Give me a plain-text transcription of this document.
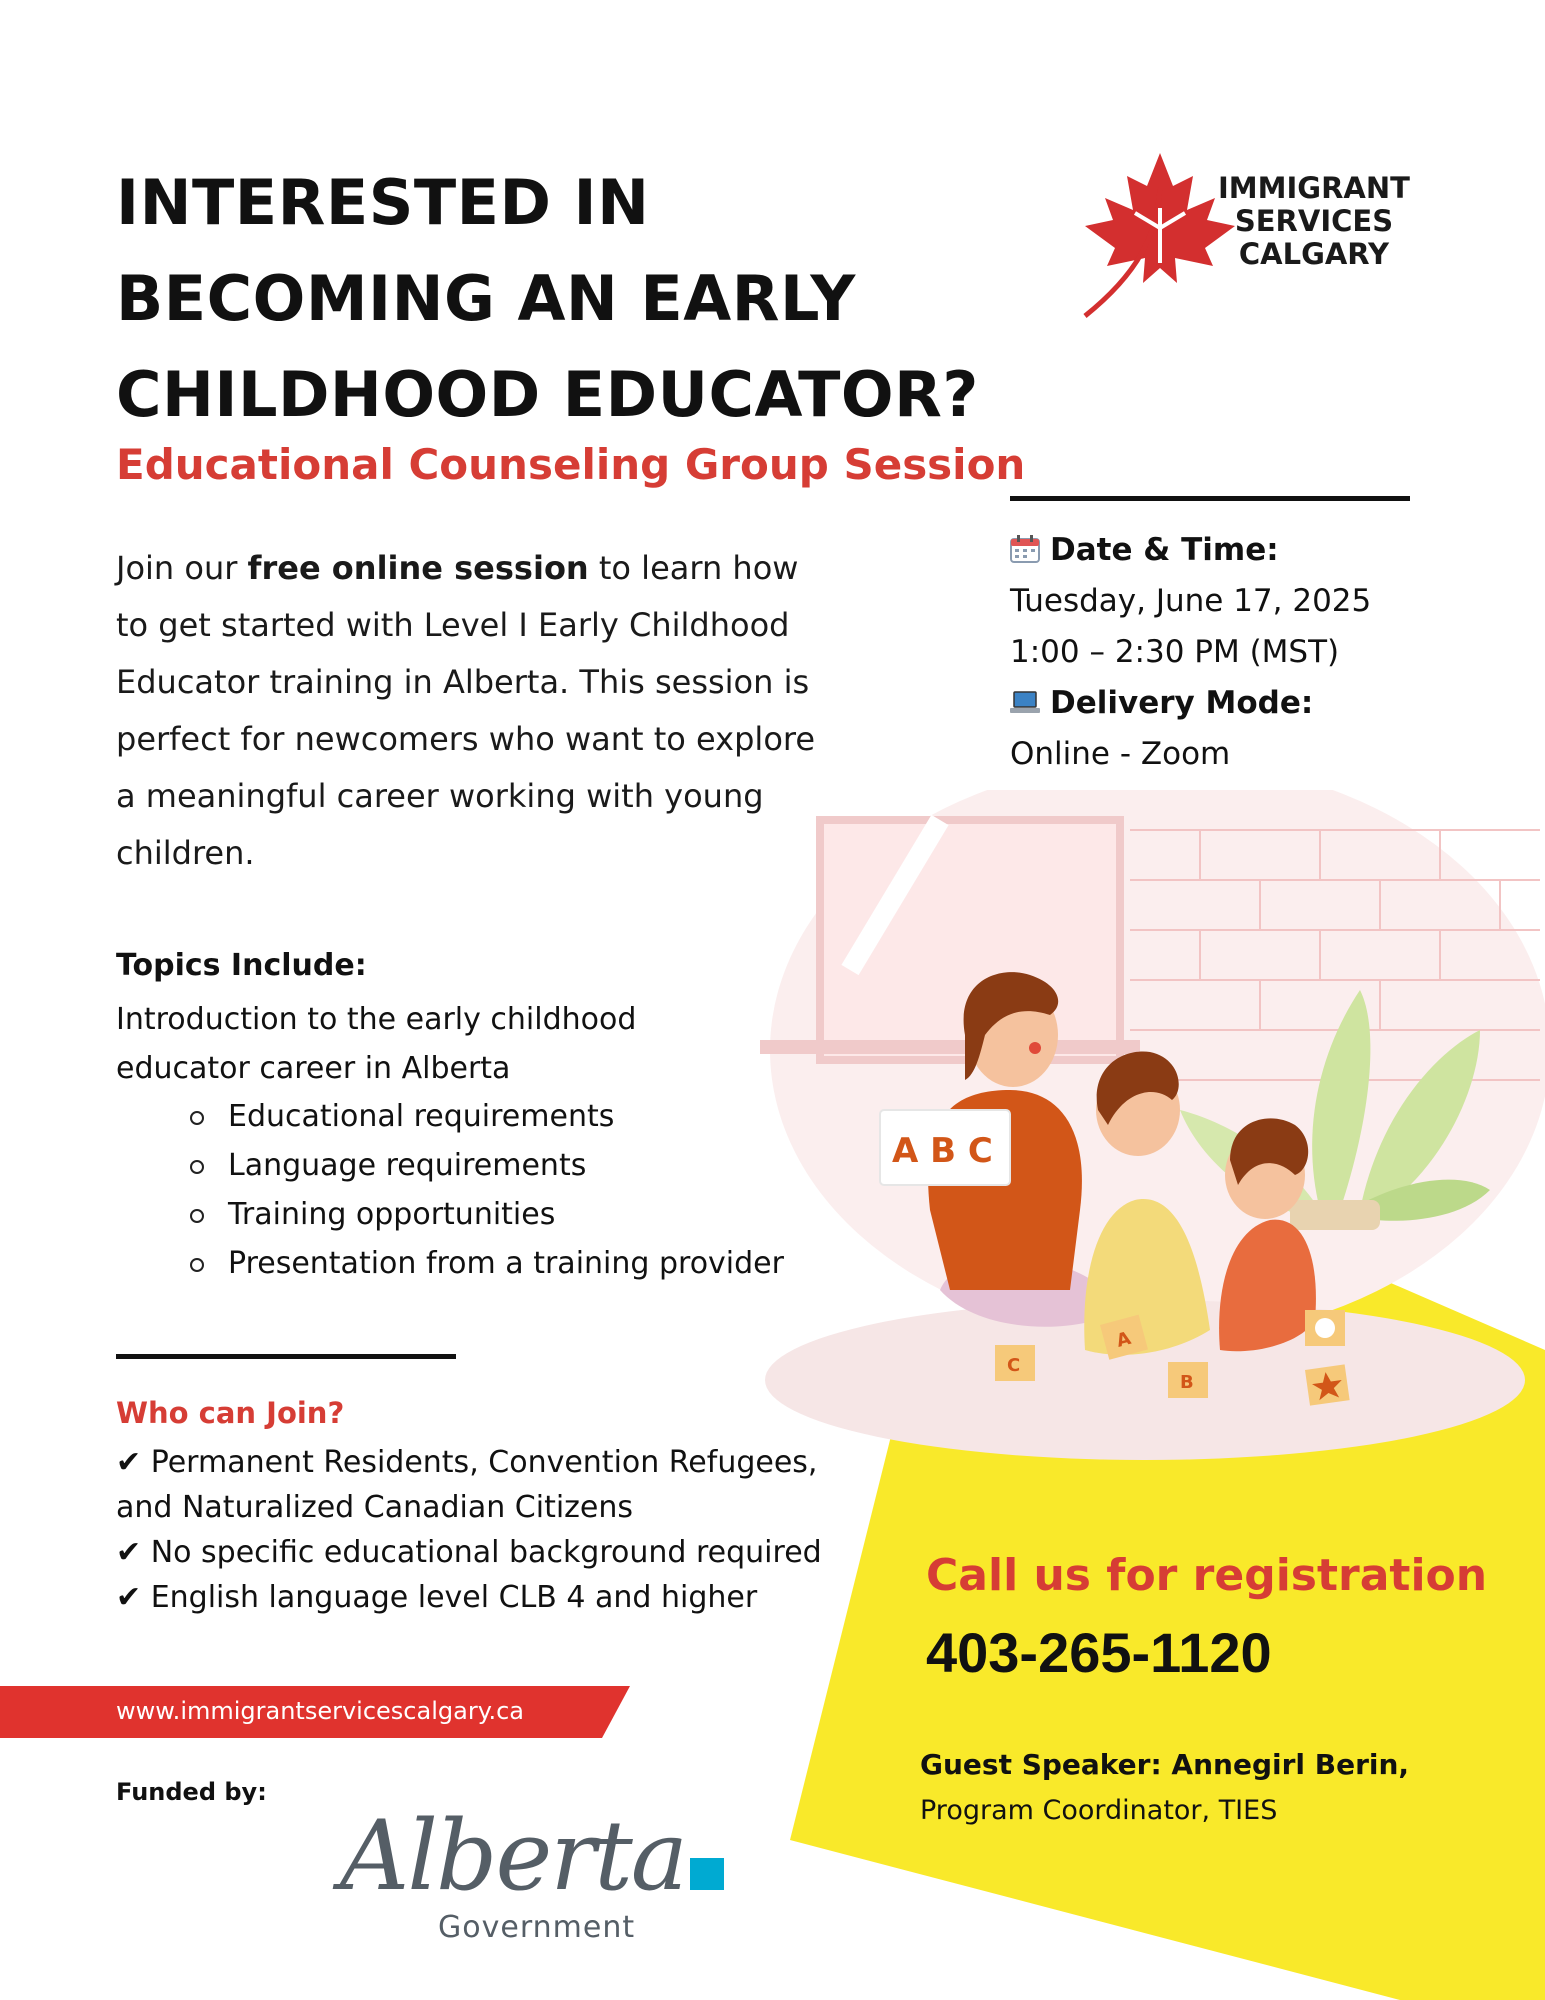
INTERESTED IN
BECOMING AN EARLY
CHILDHOOD EDUCATOR?
Educational Counseling Group Session
IMMIGRANT
SERVICES
CALGARY
Join our free online session to learn how to get started with Level I Early Childhood Educator training in Alberta. This session is perfect for newcomers who want to explore a meaningful career working with young children.
Date & Time:
Tuesday, June 17, 2025
1:00 – 2:30 PM (MST)
Delivery Mode:
Online - Zoom
A B C
C
A
B
Topics Include:
Introduction to the early childhood educator career in Alberta
Educational requirements
Language requirements
Training opportunities
Presentation from a training provider
Who can Join?
✔ Permanent Residents, Convention Refugees, and Naturalized Canadian Citizens
✔ No specific educational background required
✔ English language level CLB 4 and higher
www.immigrantservicescalgary.ca
Funded by:
Alberta
Government
Call us for registration
403-265-1120
Guest Speaker: Annegirl Berin,
Program Coordinator, TIES
